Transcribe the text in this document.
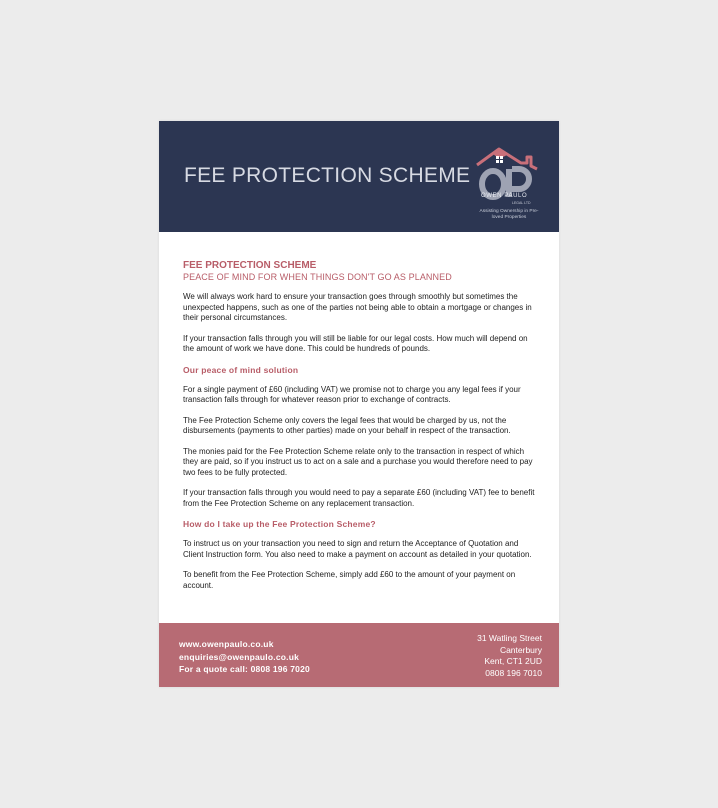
FEE PROTECTION SCHEME
OWEN PAULO
LEGAL LTD
Assisting Ownership in Pre-loved Properties

FEE PROTECTION SCHEME

PEACE OF MIND FOR WHEN THINGS DON'T GO AS PLANNED

We will always work hard to ensure your transaction goes through smoothly but sometimes the unexpected happens, such as one of the parties not being able to obtain a mortgage or changes in their personal circumstances.

If your transaction falls through you will still be liable for our legal costs. How much will depend on the amount of work we have done. This could be hundreds of pounds.

Our peace of mind solution

For a single payment of £60 (including VAT) we promise not to charge you any legal fees if your transaction falls through for whatever reason prior to exchange of contracts.

The Fee Protection Scheme only covers the legal fees that would be charged by us, not the disbursements (payments to other parties) made on your behalf in respect of the transaction.

The monies paid for the Fee Protection Scheme relate only to the transaction in respect of which they are paid, so if you instruct us to act on a sale and a purchase you would therefore need to pay two fees to be fully protected.

If your transaction falls through you would need to pay a separate £60 (including VAT) fee to benefit from the Fee Protection Scheme on any replacement transaction.

How do I take up the Fee Protection Scheme?

To instruct us on your transaction you need to sign and return the Acceptance of Quotation and Client Instruction form. You also need to make a payment on account as detailed in your quotation.

To benefit from the Fee Protection Scheme, simply add £60 to the amount of your payment on account.

www.owenpaulo.co.uk
enquiries@owenpaulo.co.uk
For a quote call: 0808 196 7020
31 Watling Street
Canterbury
Kent, CT1 2UD
0808 196 7010
